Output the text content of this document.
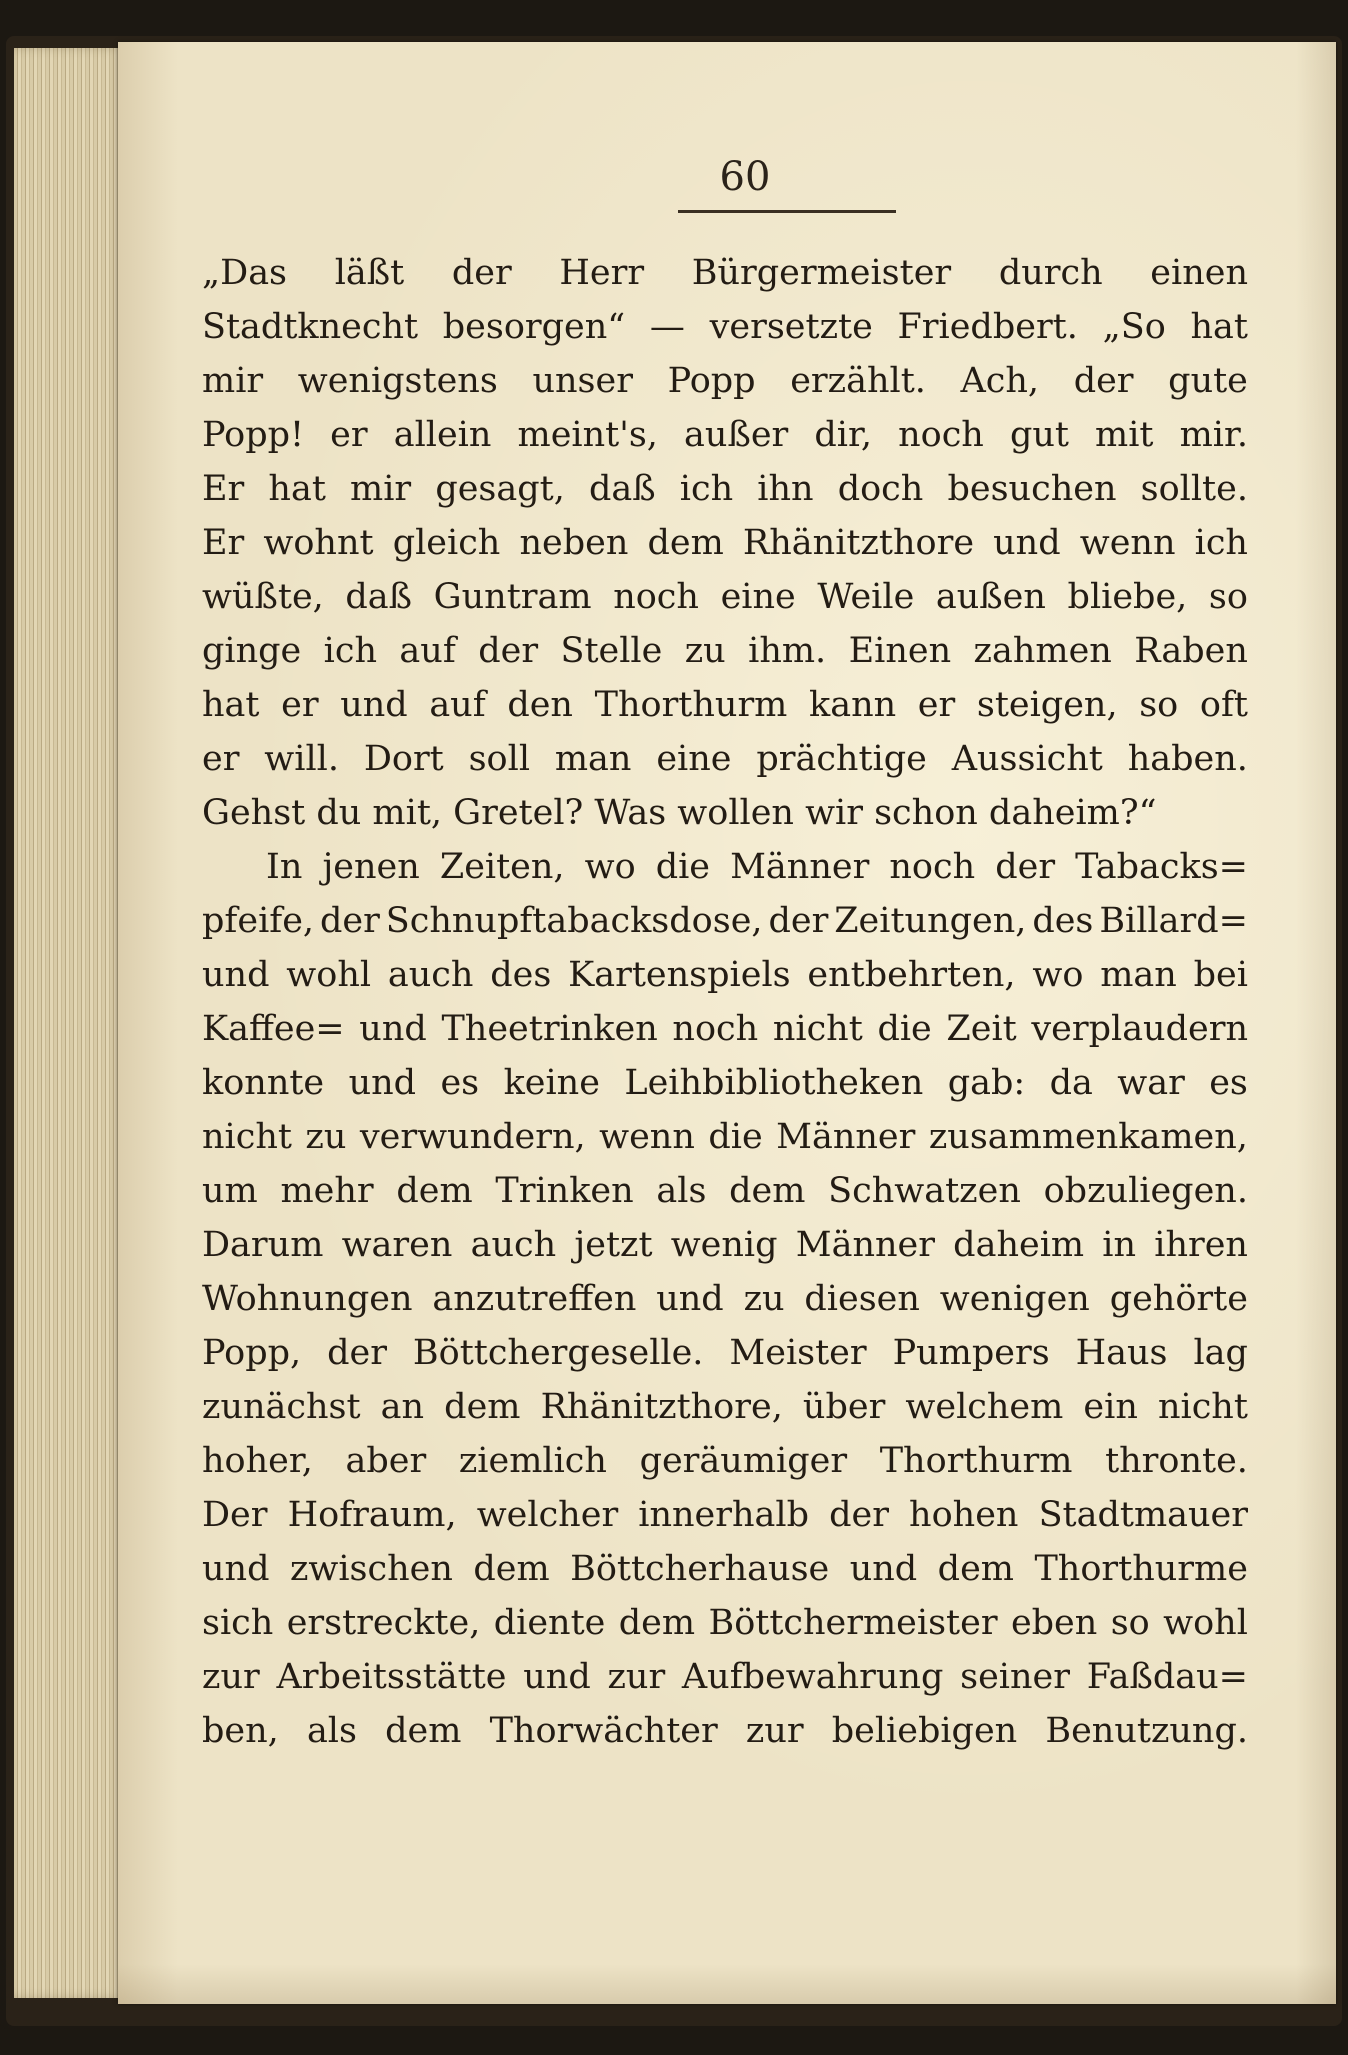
60
„Das läßt der Herr Bürgermeister durch einen
Stadtknecht besorgen“ — versetzte Friedbert. „So hat
mir wenigstens unser Popp erzählt. Ach, der gute
Popp! er allein meint's, außer dir, noch gut mit mir.
Er hat mir gesagt, daß ich ihn doch besuchen sollte.
Er wohnt gleich neben dem Rhänitzthore und wenn ich
wüßte, daß Guntram noch eine Weile außen bliebe, so
ginge ich auf der Stelle zu ihm. Einen zahmen Raben
hat er und auf den Thorthurm kann er steigen, so oft
er will. Dort soll man eine prächtige Aussicht haben.
Gehst du mit, Gretel? Was wollen wir schon daheim?“
In jenen Zeiten, wo die Männer noch der Tabacks=
pfeife, der Schnupftabacksdose, der Zeitungen, des Billard=
und wohl auch des Kartenspiels entbehrten, wo man bei
Kaffee= und Theetrinken noch nicht die Zeit verplaudern
konnte und es keine Leihbibliotheken gab: da war es
nicht zu verwundern, wenn die Männer zusammenkamen,
um mehr dem Trinken als dem Schwatzen obzuliegen.
Darum waren auch jetzt wenig Männer daheim in ihren
Wohnungen anzutreffen und zu diesen wenigen gehörte
Popp, der Böttchergeselle. Meister Pumpers Haus lag
zunächst an dem Rhänitzthore, über welchem ein nicht
hoher, aber ziemlich geräumiger Thorthurm thronte.
Der Hofraum, welcher innerhalb der hohen Stadtmauer
und zwischen dem Böttcherhause und dem Thorthurme
sich erstreckte, diente dem Böttchermeister eben so wohl
zur Arbeitsstätte und zur Aufbewahrung seiner Faßdau=
ben, als dem Thorwächter zur beliebigen Benutzung.
